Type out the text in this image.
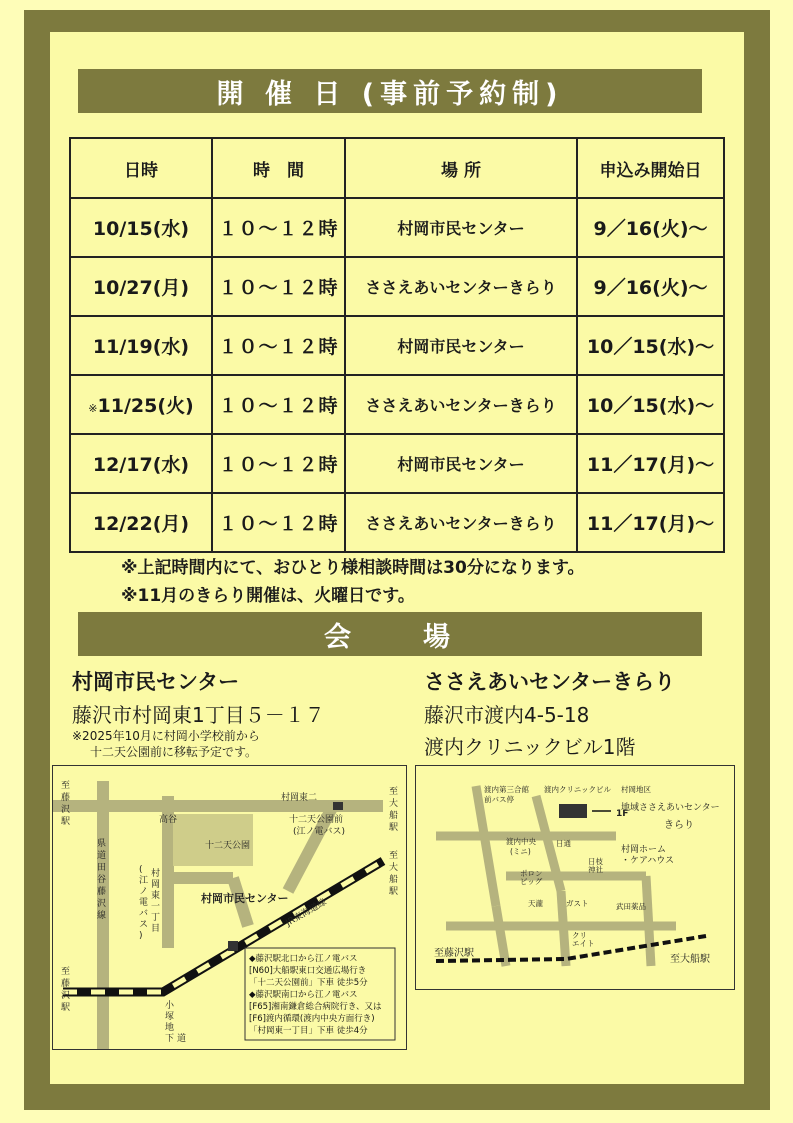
開 催 日 (事前予約制)
日時	時　間	場 所	申込み開始日
10/15(水)	１０～１２時	村岡市民センター	9／16(火)～
10/27(月)	１０～１２時	ささえあいセンターきらり	9／16(火)～
11/19(水)	１０～１２時	村岡市民センター	10／15(水)～
※11/25(火)	１０～１２時	ささえあいセンターきらり	10／15(水)～
12/17(水)	１０～１２時	村岡市民センター	11／17(月)～
12/22(月)	１０～１２時	ささえあいセンターきらり	11／17(月)～
※上記時間内にて、おひとり様相談時間は30分になります。
※11月のきらり開催は、火曜日です。
会　　場
村岡市民センター
藤沢市村岡東1丁目５－１７
※2025年10月に村岡小学校前から
十二天公園前に移転予定です。
ささえあいセンターきらり
藤沢市渡内4-5-18
渡内クリニックビル1階
至
藤
沢
駅
至
藤
沢
駅
至
大
船
駅
至
大
船
駅
高谷
村岡東二
十二天公園前
(江ノ電バス)
十二天公園
村岡市民センター
JR東海道線
村
岡
東
一
丁
目
(
江
ノ
電
バ
ス
)
県
道
田
谷
藤
沢
線
小
塚
地
下 道
◆藤沢駅北口から江ノ電バス
[N60]大船駅東口交通広場行き
「十二天公園前」下車 徒歩5分
◆藤沢駅南口から江ノ電バス
[F65]湘南鎌倉総合病院行き、又は
[F6]渡内循環(渡内中央方面行き)
「村岡東一丁目」下車 徒歩4分
渡内第三合館
前バス停
渡内クリニックビル 村岡地区
1F
地域ささえあいセンター
きらり
渡内中央
(ミニ)
日通
日枝
神社
村岡ホーム
・ケアハウス
ポロン
ビッグ
天瀧	ガスト	武田薬品
クリ
エイト
至藤沢駅
至大船駅
